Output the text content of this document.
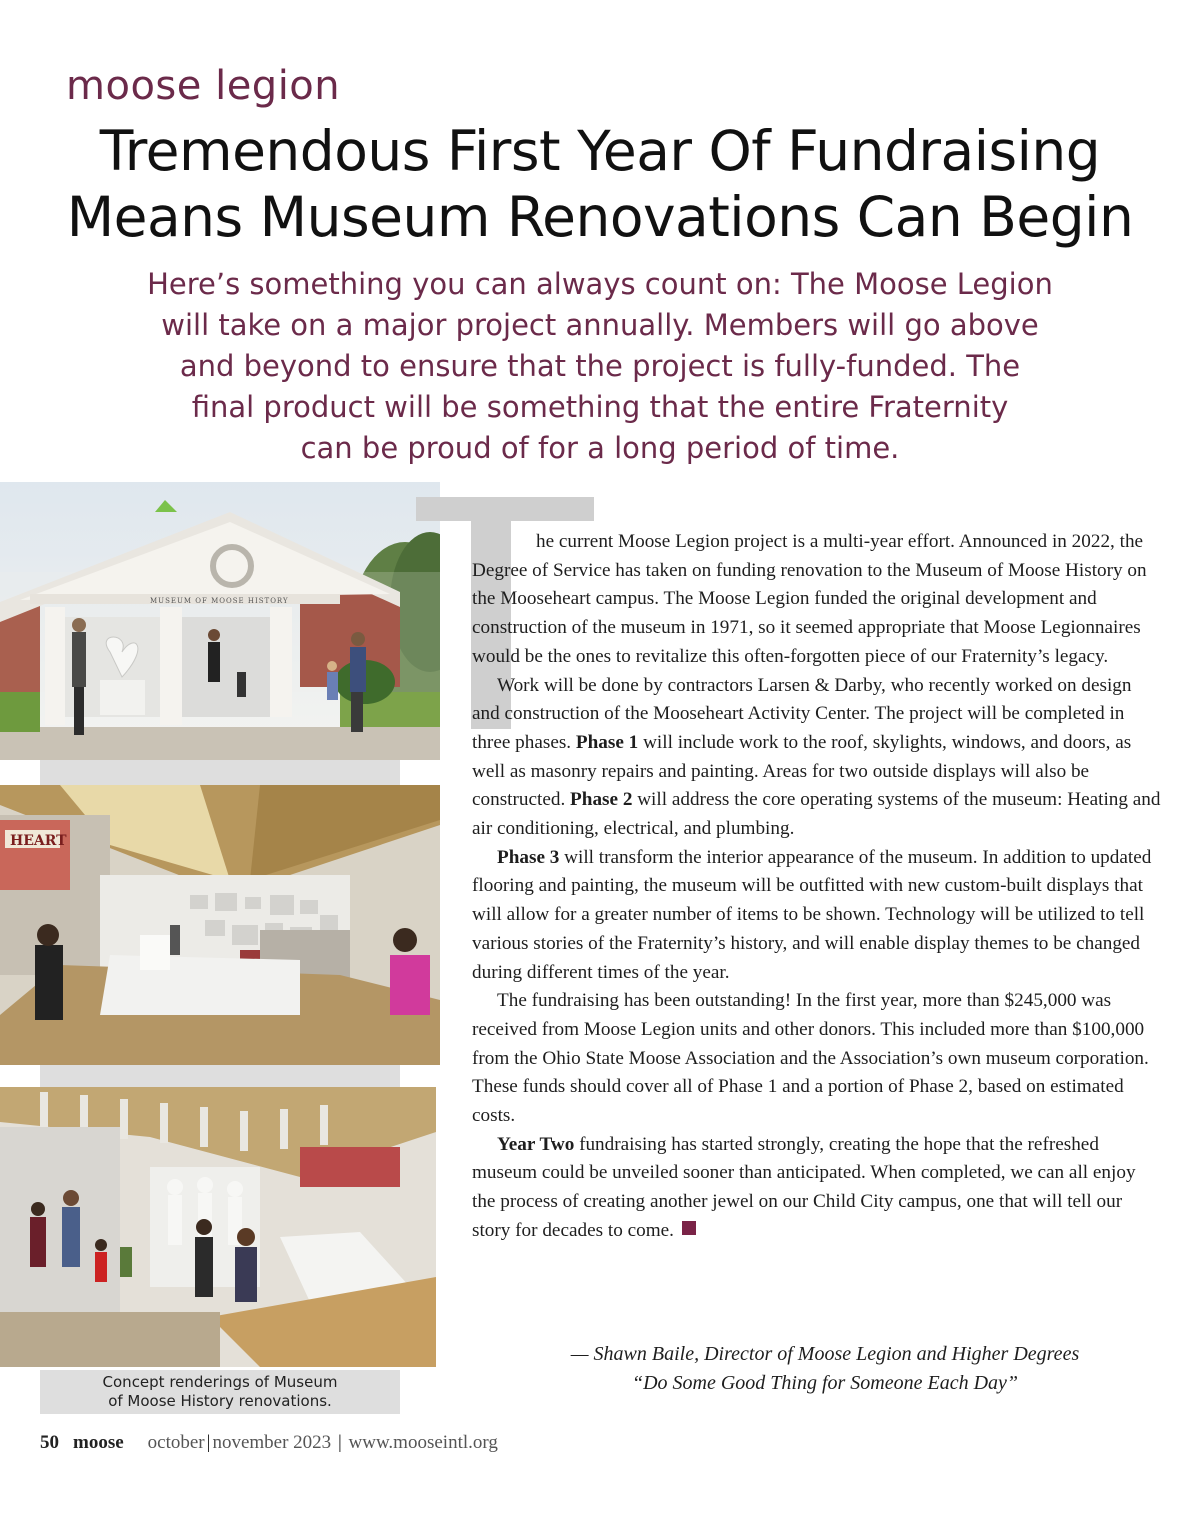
moose legion
Tremendous First Year Of Fundraising
Means Museum Renovations Can Begin

Here’s something you can always count on: The Moose Legion
will take on a major project annually. Members will go above
and beyond to ensure that the project is fully-funded. The
final product will be something that the entire Fraternity
can be proud of for a long period of time.

MUSEUM OF MOOSE HISTORY
HEART

Concept renderings of Museum
of Moose History renovations.

he current Moose Legion project is a multi-year effort. Announced in 2022, the Degree of Service has taken on funding renovation to the Museum of Moose History on the Mooseheart campus. The Moose Legion funded the original development and construction of the museum in 1971, so it seemed appropriate that Moose Legionnaires would be the ones to revitalize this often-forgotten piece of our Fraternity’s legacy.

Work will be done by contractors Larsen & Darby, who recently worked on design and construction of the Mooseheart Activity Center. The project will be completed in three phases. Phase 1 will include work to the roof, skylights, windows, and doors, as well as masonry repairs and painting. Areas for two outside displays will also be constructed. Phase 2 will address the core operating systems of the museum: Heating and air conditioning, electrical, and plumbing.

Phase 3 will transform the interior appearance of the museum. In addition to updated flooring and painting, the museum will be outfitted with new custom-built displays that will allow for a greater number of items to be shown. Technology will be utilized to tell various stories of the Fraternity’s history, and will enable display themes to be changed during different times of the year.

The fundraising has been outstanding! In the first year, more than $245,000 was received from Moose Legion units and other donors. This included more than $100,000 from the Ohio State Moose Association and the Association’s own museum corporation. These funds should cover all of Phase 1 and a portion of Phase 2, based on estimated costs.

Year Two fundraising has started strongly, creating the hope that the refreshed museum could be unveiled sooner than anticipated. When completed, we can all enjoy the process of creating another jewel on our Child City campus, one that will tell our story for decades to come.

— Shawn Baile, Director of Moose Legion and Higher Degrees
“Do Some Good Thing for Someone Each Day”

50 moose october | november 2023 | www.mooseintl.org
